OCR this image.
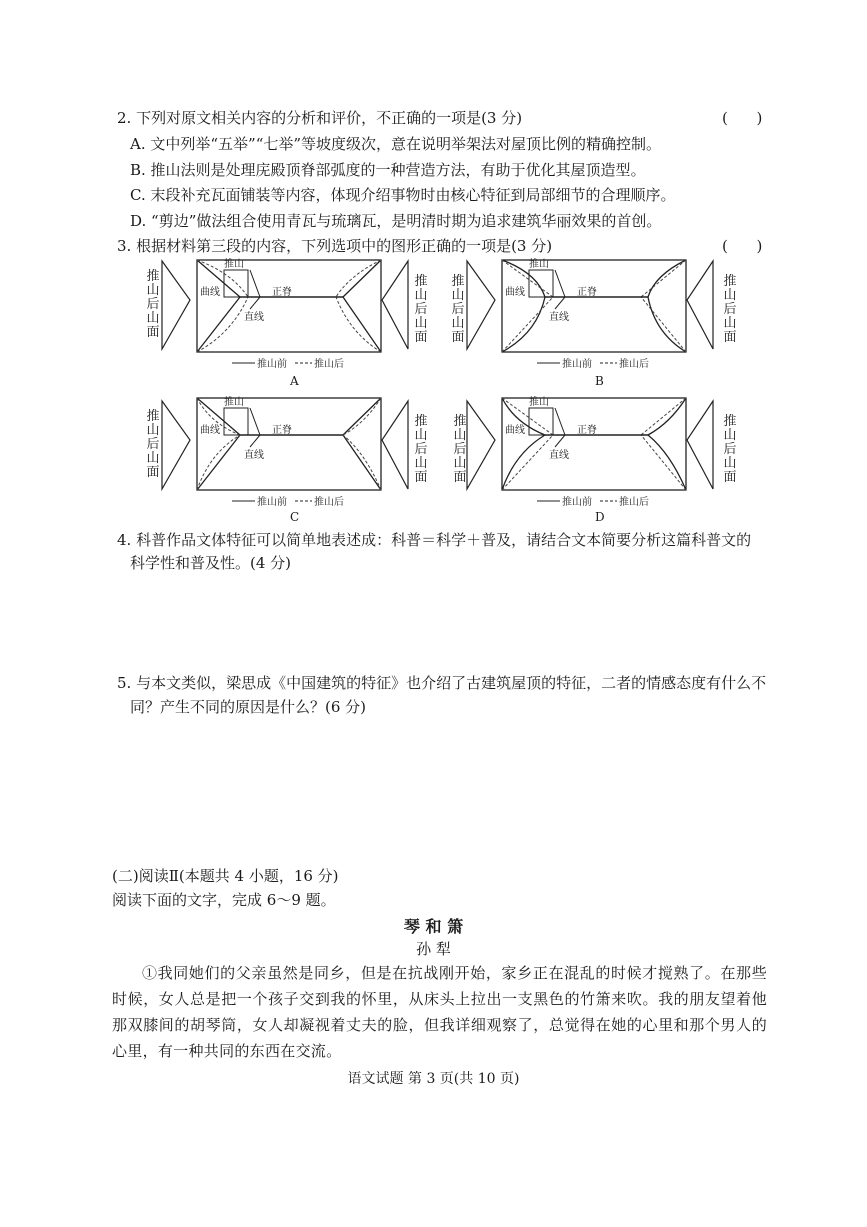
2. 下列对原文相关内容的分析和评价，不正确的一项是(3 分)	(      )
A. 文中列举“五举”“七举”等坡度级次，意在说明举架法对屋顶比例的精确控制。
B. 推山法则是处理庑殿顶脊部弧度的一种营造方法，有助于优化其屋顶造型。
C. 末段补充瓦面铺装等内容，体现介绍事物时由核心特征到局部细节的合理顺序。
D. “剪边”做法组合使用青瓦与琉璃瓦，是明清时期为追求建筑华丽效果的首创。
3. 根据材料第三段的内容，下列选项中的图形正确的一项是(3 分)	(      )
推山
曲线	正脊
直线
推山前	推山后
A
推
山
后
山
面
推
山
后
山
面
推山
曲线	正脊
直线
推山前	推山后
B
推
山
后
山
面
推
山
后
山
面
推山
曲线	正脊
直线
推山前	推山后
C
推
山
后
山
面
推
山
后
山
面
推山
曲线	正脊
直线
推山前	推山后
D
推
山
后
山
面
推
山
后
山
面
4. 科普作品文体特征可以简单地表述成：科普＝科学＋普及，请结合文本简要分析这篇科普文的
科学性和普及性。(4 分)
5. 与本文类似，梁思成《中国建筑的特征》也介绍了古建筑屋顶的特征，二者的情感态度有什么不
同？产生不同的原因是什么？(6 分)
(二)阅读Ⅱ(本题共 4 小题，16 分)
阅读下面的文字，完成 6～9 题。
琴 和 箫
孙 犁
①我同她们的父亲虽然是同乡，但是在抗战刚开始，家乡正在混乱的时候才搅熟了。在那些时候，女人总是把一个孩子交到我的怀里，从床头上拉出一支黑色的竹箫来吹。我的朋友望着他那双膝间的胡琴筒，女人却凝视着丈夫的脸，但我详细观察了，总觉得在她的心里和那个男人的心里，有一种共同的东西在交流。
语文试题 第 3 页(共 10 页)
